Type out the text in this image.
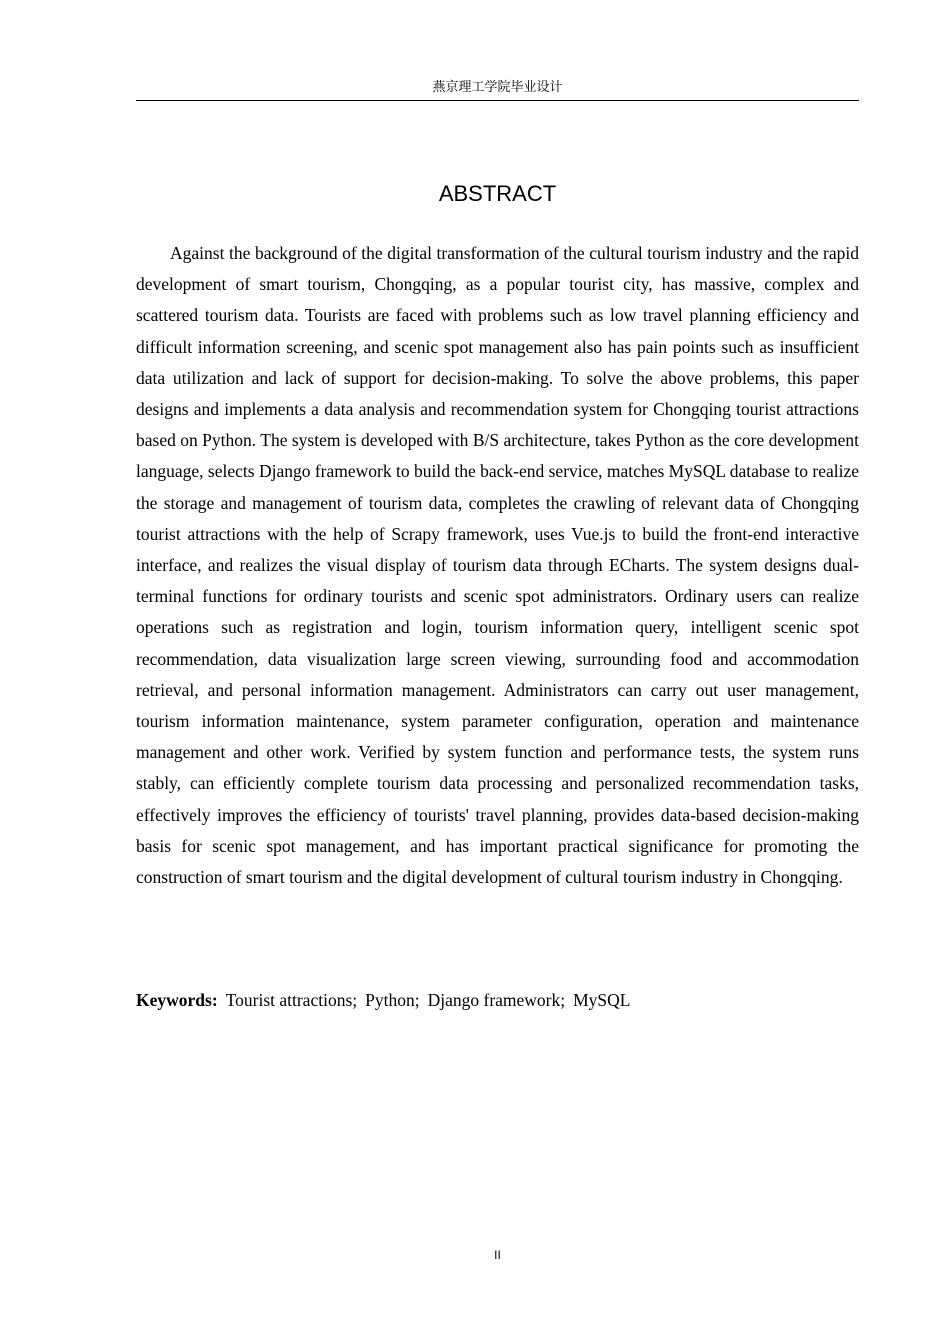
燕京理工学院毕业设计
ABSTRACT

Against the background of the digital transformation of the cultural tourism industry and the rapid development of smart tourism, Chongqing, as a popular tourist city, has massive, complex and scattered tourism data. Tourists are faced with problems such as low travel planning efficiency and difficult information screening, and scenic spot management also has pain points such as insufficient data utilization and lack of support for decision-making. To solve the above problems, this paper designs and implements a data analysis and recommendation system for Chongqing tourist attractions based on Python. The system is developed with B/S architecture, takes Python as the core development language, selects Django framework to build the back-end service, matches MySQL database to realize the storage and management of tourism data, completes the crawling of relevant data of Chongqing tourist attractions with the help of Scrapy framework, uses Vue.js to build the front-end interactive interface, and realizes the visual display of tourism data through ECharts. The system designs dual-terminal functions for ordinary tourists and scenic spot administrators. Ordinary users can realize operations such as registration and login, tourism information query, intelligent scenic spot recommendation, data visualization large screen viewing, surrounding food and accommodation retrieval, and personal information management. Administrators can carry out user management, tourism information maintenance, system parameter configuration, operation and maintenance management and other work. Verified by system function and performance tests, the system runs stably, can efficiently complete tourism data processing and personalized recommendation tasks, effectively improves the efficiency of tourists' travel planning, provides data-based decision-making basis for scenic spot management, and has important practical significance for promoting the construction of smart tourism and the digital development of cultural tourism industry in Chongqing.

Keywords: Tourist attractions; Python; Django framework; MySQL

II
